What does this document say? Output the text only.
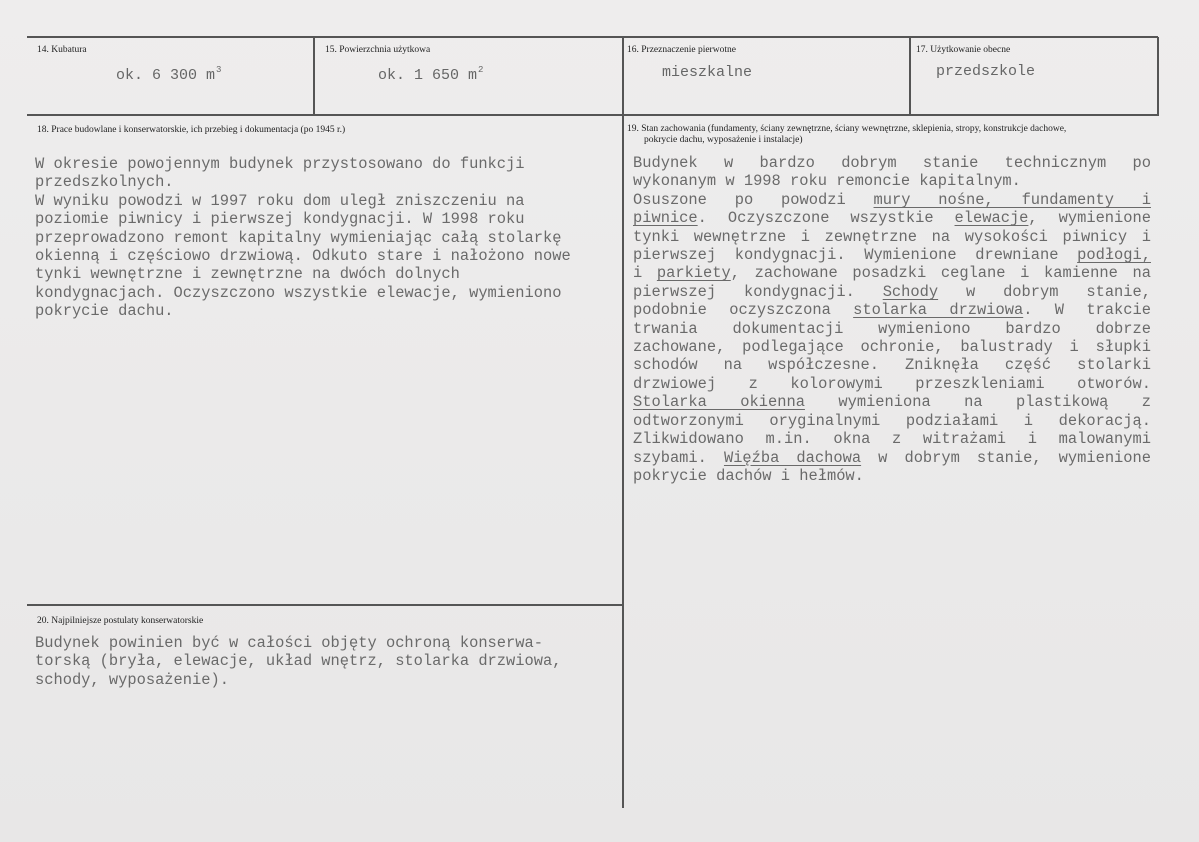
14. Kubatura
ok. 6 300 $m^3$
15. Powierzchnia użytkowa
ok. 1 650 $m^2$
16. Przeznaczenie pierwotne
mieszkalne
17. Użytkowanie obecne
przedszkole
18. Prace budowlane i konserwatorskie, ich przebieg i dokumentacja (po 1945 r.)
W okresie powojennym budynek przystosowano do funkcji
przedszkolnych.
W wyniku powodzi w 1997 roku dom uległ zniszczeniu na
poziomie piwnicy i pierwszej kondygnacji. W 1998 roku
przeprowadzono remont kapitalny wymieniając całą stolarkę
okienną i częściowo drzwiową. Odkuto stare i nałożono nowe
tynki wewnętrzne i zewnętrzne na dwóch dolnych
kondygnacjach. Oczyszczono wszystkie elewacje, wymieniono
pokrycie dachu.
19. Stan zachowania (fundamenty, ściany zewnętrzne, ściany wewnętrzne, sklepienia, stropy, konstrukcje dachowe,
pokrycie dachu, wyposażenie i instalacje)
Budynek w bardzo dobrym stanie technicznym po
wykonanym w 1998 roku remoncie kapitalnym.
Osuszone po powodzi mury nośne, fundamenty i
piwnice. Oczyszczone wszystkie elewacje, wymienione
tynki wewnętrzne i zewnętrzne na wysokości piwnicy i
pierwszej kondygnacji. Wymienione drewniane podłogi,
i parkiety, zachowane posadzki ceglane i kamienne na
pierwszej kondygnacji. Schody w dobrym stanie,
podobnie oczyszczona stolarka drzwiowa. W trakcie
trwania dokumentacji wymieniono bardzo dobrze
zachowane, podlegające ochronie, balustrady i słupki
schodów na współczesne. Zniknęła część stolarki
drzwiowej z kolorowymi przeszkleniami otworów.
Stolarka okienna wymieniona na plastikową z
odtworzonymi oryginalnymi podziałami i dekoracją.
Zlikwidowano m.in. okna z witrażami i malowanymi
szybami. Więźba dachowa w dobrym stanie, wymienione
pokrycie dachów i hełmów.
20. Najpilniejsze postulaty konserwatorskie
Budynek powinien być w całości objęty ochroną konserwa-
torską (bryła, elewacje, układ wnętrz, stolarka drzwiowa,
schody, wyposażenie).
